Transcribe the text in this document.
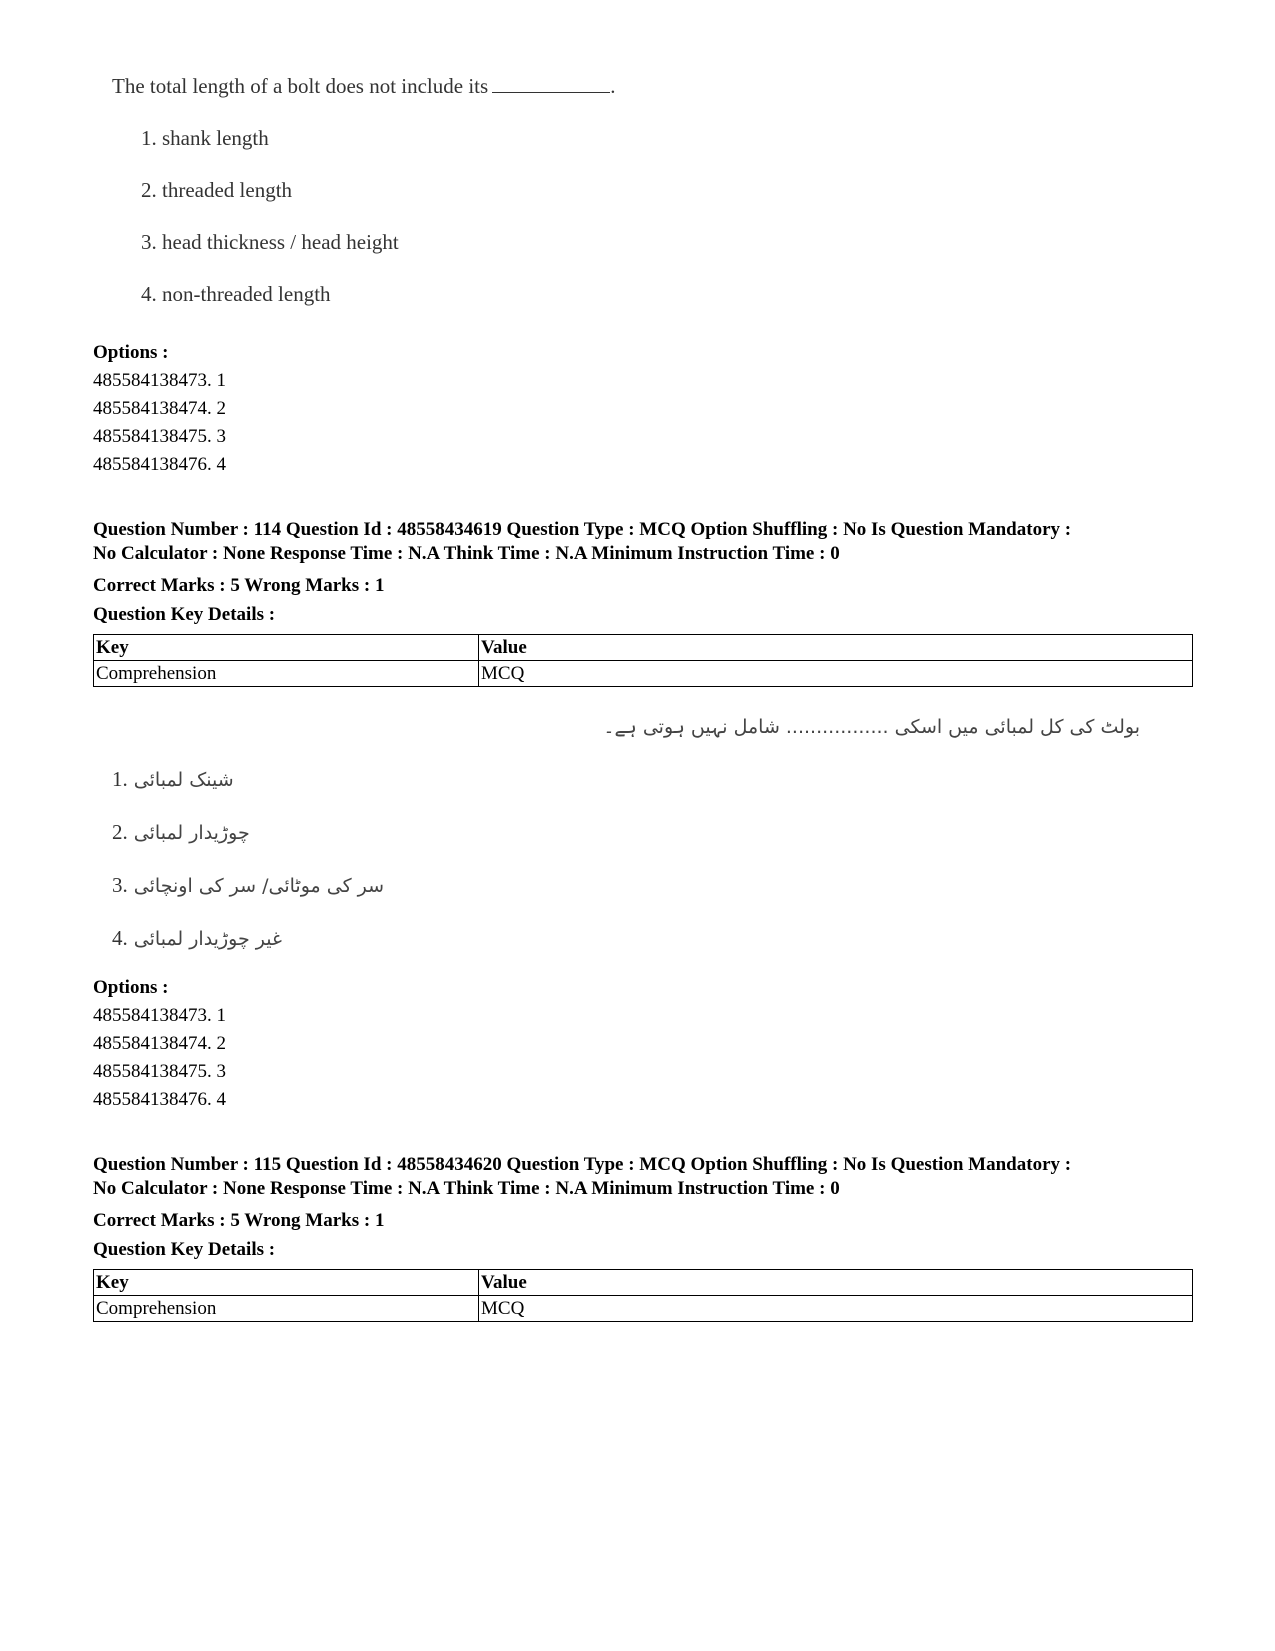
The total length of a bolt does not include its	.
1. shank length
2. threaded length
3. head thickness / head height
4. non-threaded length
Options :
485584138473. 1
485584138474. 2
485584138475. 3
485584138476. 4
Question Number : 114 Question Id : 48558434619 Question Type : MCQ Option Shuffling : No Is Question Mandatory :
No Calculator : None Response Time : N.A Think Time : N.A Minimum Instruction Time : 0
Correct Marks : 5 Wrong Marks : 1
Question Key Details :
Key	Value
Comprehension	MCQ
بولٹ کی کل لمبائی میں اسکی ................. شامل نہیں ہوتی ہے۔
1. شینک لمبائی
2. چوڑیدار لمبائی
3. سر کی موٹائی/ سر کی اونچائی
4. غیر چوڑیدار لمبائی
Options :
485584138473. 1
485584138474. 2
485584138475. 3
485584138476. 4
Question Number : 115 Question Id : 48558434620 Question Type : MCQ Option Shuffling : No Is Question Mandatory :
No Calculator : None Response Time : N.A Think Time : N.A Minimum Instruction Time : 0
Correct Marks : 5 Wrong Marks : 1
Question Key Details :
Key	Value
Comprehension	MCQ
